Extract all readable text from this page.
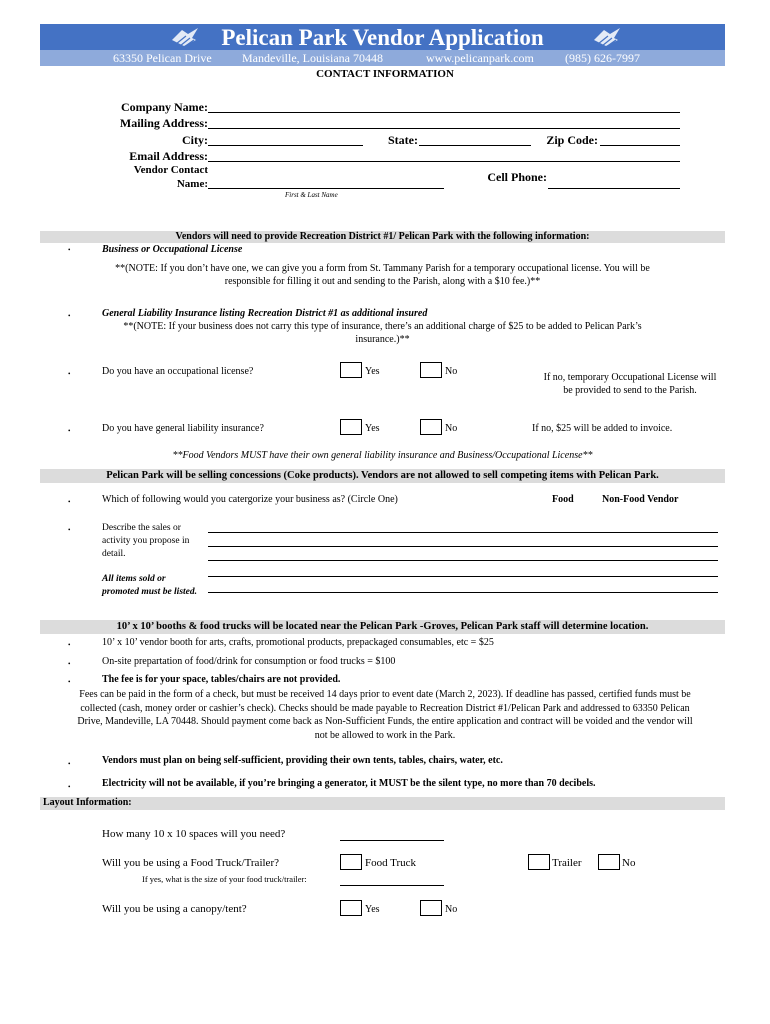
Pelican Park Vendor Application
63350 Pelican Drive	Mandeville, Louisiana 70448	www.pelicanpark.com	(985) 626-7997
CONTACT INFORMATION
Company Name:
Mailing Address:
City:	State:	Zip Code:
Email Address:
Vendor Contact
Name:
First & Last Name
Cell Phone:
Vendors will need to provide Recreation District #1/ Pelican Park with the following information:
•	Business or Occupational License
**(NOTE: If you don’t have one, we can give you a form from St. Tammany Parish for a temporary occupational license. You will be
responsible for filling it out and sending to the Parish, along with a $10 fee.)**
•	General Liability Insurance listing Recreation District #1 as additional insured
**(NOTE: If your business does not carry this type of insurance, there’s an additional charge of $25 to be added to Pelican Park’s
insurance.)**
•	Do you have an occupational license?	Yes	No
If no, temporary Occupational License will
be provided to send to the Parish.
•	Do you have general liability insurance?	Yes	No	If no, $25 will be added to invoice.
**Food Vendors MUST have their own general liability insurance and Business/Occupational License**
Pelican Park will be selling concessions (Coke products). Vendors are not allowed to sell competing items with Pelican Park.
•	Which of following would you catergorize your business as? (Circle One)	Food	Non-Food Vendor
•	Describe the sales or
activity you propose in
detail.
All items sold or
promoted must be listed.
10’ x 10’ booths & food trucks will be located near the Pelican Park -Groves, Pelican Park staff will determine location.
•	10’ x 10’ vendor booth for arts, crafts, promotional products, prepackaged consumables, etc = $25
•	On-site prepartation of food/drink for consumption or food trucks = $100
•	The fee is for your space, tables/chairs are not provided.
Fees can be paid in the form of a check, but must be received 14 days prior to event date (March 2, 2023). If deadline has passed, certified funds must be
collected (cash, money order or cashier’s check). Checks should be made payable to Recreation District #1/Pelican Park and addressed to 63350 Pelican
Drive, Mandeville, LA 70448. Should payment come back as Non-Sufficient Funds, the entire application and contract will be voided and the vendor will
not be allowed to work in the Park.
•	Vendors must plan on being self-sufficient, providing their own tents, tables, chairs, water, etc.
•	Electricity will not be available, if you’re bringing a generator, it MUST be the silent type, no more than 70 decibels.
Layout Information:
How many 10 x 10 spaces will you need?
Will you be using a Food Truck/Trailer?	Food Truck	Trailer	No
If yes, what is the size of your food truck/trailer:
Will you be using a canopy/tent?	Yes	No
